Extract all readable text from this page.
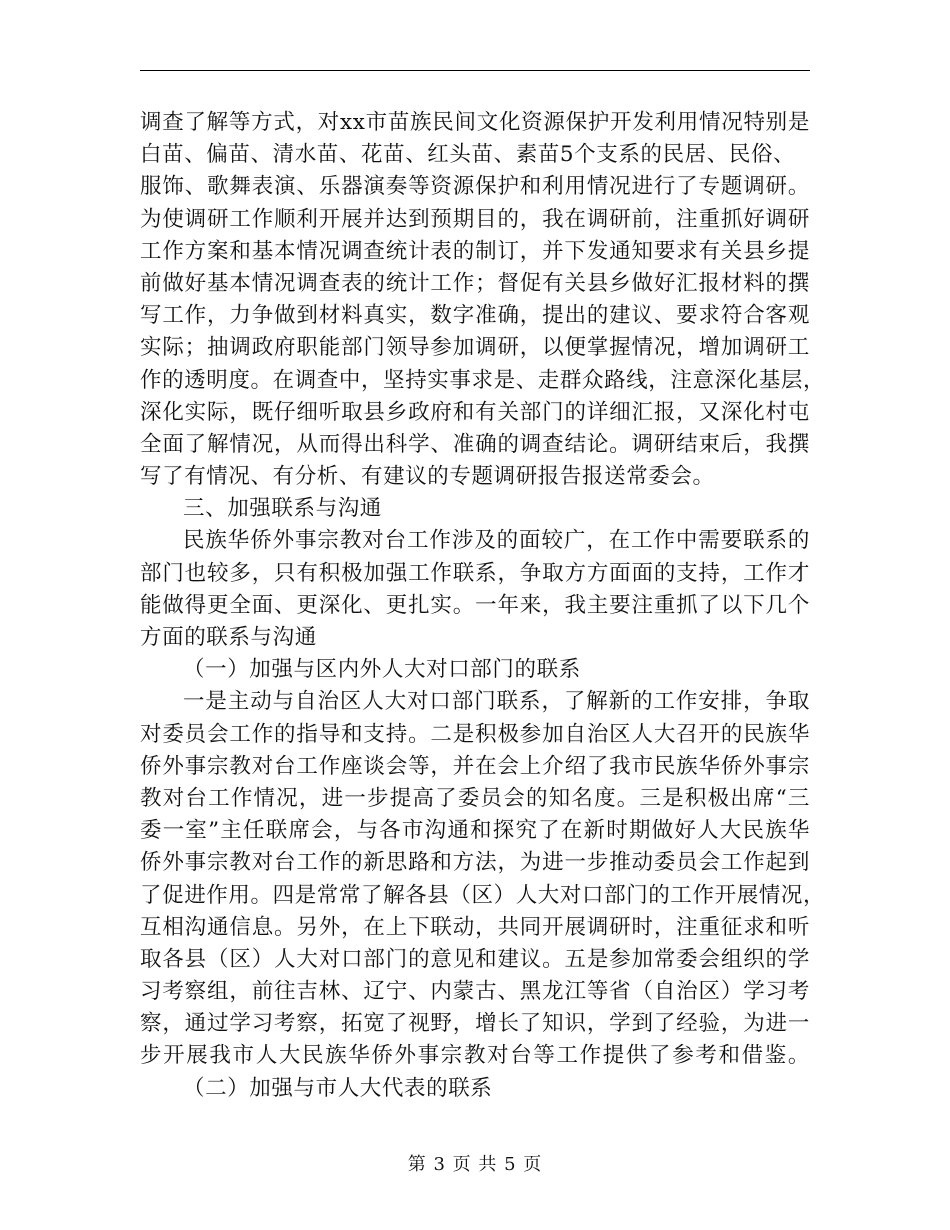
调查了解等方式，对xx市苗族民间文化资源保护开发利用情况特别是
白苗、偏苗、清水苗、花苗、红头苗、素苗5个支系的民居、民俗、
服饰、歌舞表演、乐器演奏等资源保护和利用情况进行了专题调研。
为使调研工作顺利开展并达到预期目的，我在调研前，注重抓好调研
工作方案和基本情况调查统计表的制订，并下发通知要求有关县乡提
前做好基本情况调查表的统计工作；督促有关县乡做好汇报材料的撰
写工作，力争做到材料真实，数字准确，提出的建议、要求符合客观
实际；抽调政府职能部门领导参加调研，以便掌握情况，增加调研工
作的透明度。在调查中，坚持实事求是、走群众路线，注意深化基层，
深化实际，既仔细听取县乡政府和有关部门的详细汇报，又深化村屯
全面了解情况，从而得出科学、准确的调查结论。调研结束后，我撰
写了有情况、有分析、有建议的专题调研报告报送常委会。
三、加强联系与沟通
民族华侨外事宗教对台工作涉及的面较广，在工作中需要联系的
部门也较多，只有积极加强工作联系，争取方方面面的支持，工作才
能做得更全面、更深化、更扎实。一年来，我主要注重抓了以下几个
方面的联系与沟通
（一）加强与区内外人大对口部门的联系
一是主动与自治区人大对口部门联系，了解新的工作安排，争取
对委员会工作的指导和支持。二是积极参加自治区人大召开的民族华
侨外事宗教对台工作座谈会等，并在会上介绍了我市民族华侨外事宗
教对台工作情况，进一步提高了委员会的知名度。三是积极出席“三
委一室”主任联席会，与各市沟通和探究了在新时期做好人大民族华
侨外事宗教对台工作的新思路和方法，为进一步推动委员会工作起到
了促进作用。四是常常了解各县（区）人大对口部门的工作开展情况，
互相沟通信息。另外，在上下联动，共同开展调研时，注重征求和听
取各县（区）人大对口部门的意见和建议。五是参加常委会组织的学
习考察组，前往吉林、辽宁、内蒙古、黑龙江等省（自治区）学习考
察，通过学习考察，拓宽了视野，增长了知识，学到了经验，为进一
步开展我市人大民族华侨外事宗教对台等工作提供了参考和借鉴。
（二）加强与市人大代表的联系
第 3 页 共 5 页
